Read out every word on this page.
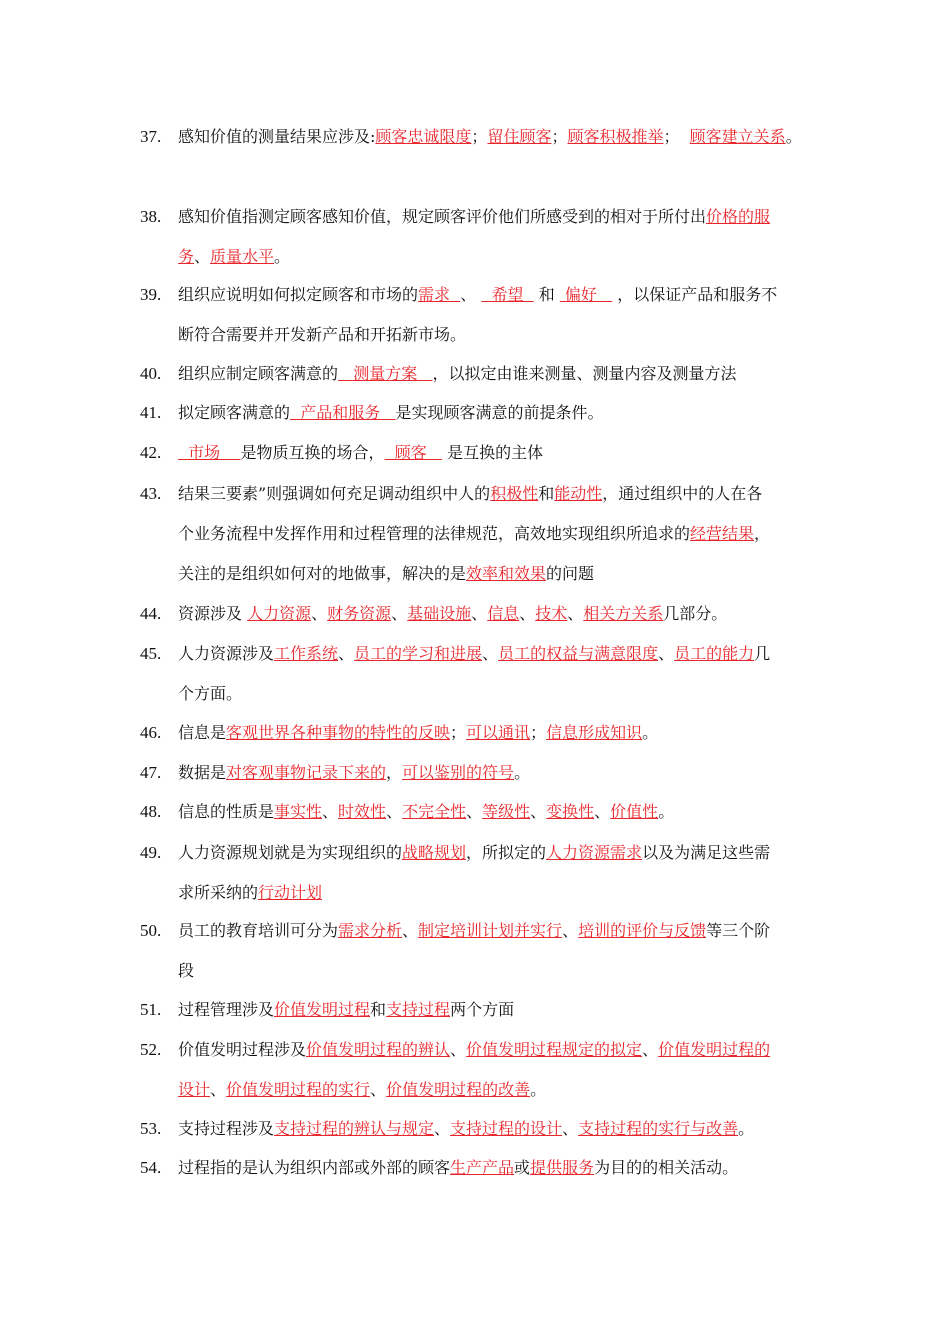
37.	感知价值的测量结果应涉及:顾客忠诚限度；留住顾客；顾客积极推举；  顾客建立关系。
38.	感知价值指测定顾客感知价值，规定顾客评价他们所感受到的相对于所付出价格的服
务、质量水平。
39.	组织应说明如何拟定顾客和市场的需求  、   希望   和  偏好    ，以保证产品和服务不
断符合需要并开发新产品和开拓新市场。
40.	组织应制定顾客满意的   测量方案   ，以拟定由谁来测量、测量内容及测量方法
41.	拟定顾客满意的  产品和服务   是实现顾客满意的前提条件。
42.	市场    是物质互换的场合，  顾客    是互换的主体
43.	结果三要素”则强调如何充足调动组织中人的积极性和能动性，通过组织中的人在各
个业务流程中发挥作用和过程管理的法律规范，高效地实现组织所追求的经营结果，
关注的是组织如何对的地做事，解决的是效率和效果的问题
44.	资源涉及 人力资源、财务资源、基础设施、信息、技术、相关方关系几部分。
45.	人力资源涉及工作系统、员工的学习和进展、员工的权益与满意限度、员工的能力几
个方面。
46.	信息是客观世界各种事物的特性的反映；可以通讯；信息形成知识。
47.	数据是对客观事物记录下来的，可以鉴别的符号。
48.	信息的性质是事实性、时效性、不完全性、等级性、变换性、价值性。
49.	人力资源规划就是为实现组织的战略规划，所拟定的人力资源需求以及为满足这些需
求所采纳的行动计划
50.	员工的教育培训可分为需求分析、制定培训计划并实行、培训的评价与反馈等三个阶
段
51.	过程管理涉及价值发明过程和支持过程两个方面
52.	价值发明过程涉及价值发明过程的辨认、价值发明过程规定的拟定、价值发明过程的
设计、价值发明过程的实行、价值发明过程的改善。
53.	支持过程涉及支持过程的辨认与规定、支持过程的设计、支持过程的实行与改善。
54.	过程指的是认为组织内部或外部的顾客生产产品或提供服务为目的的相关活动。
